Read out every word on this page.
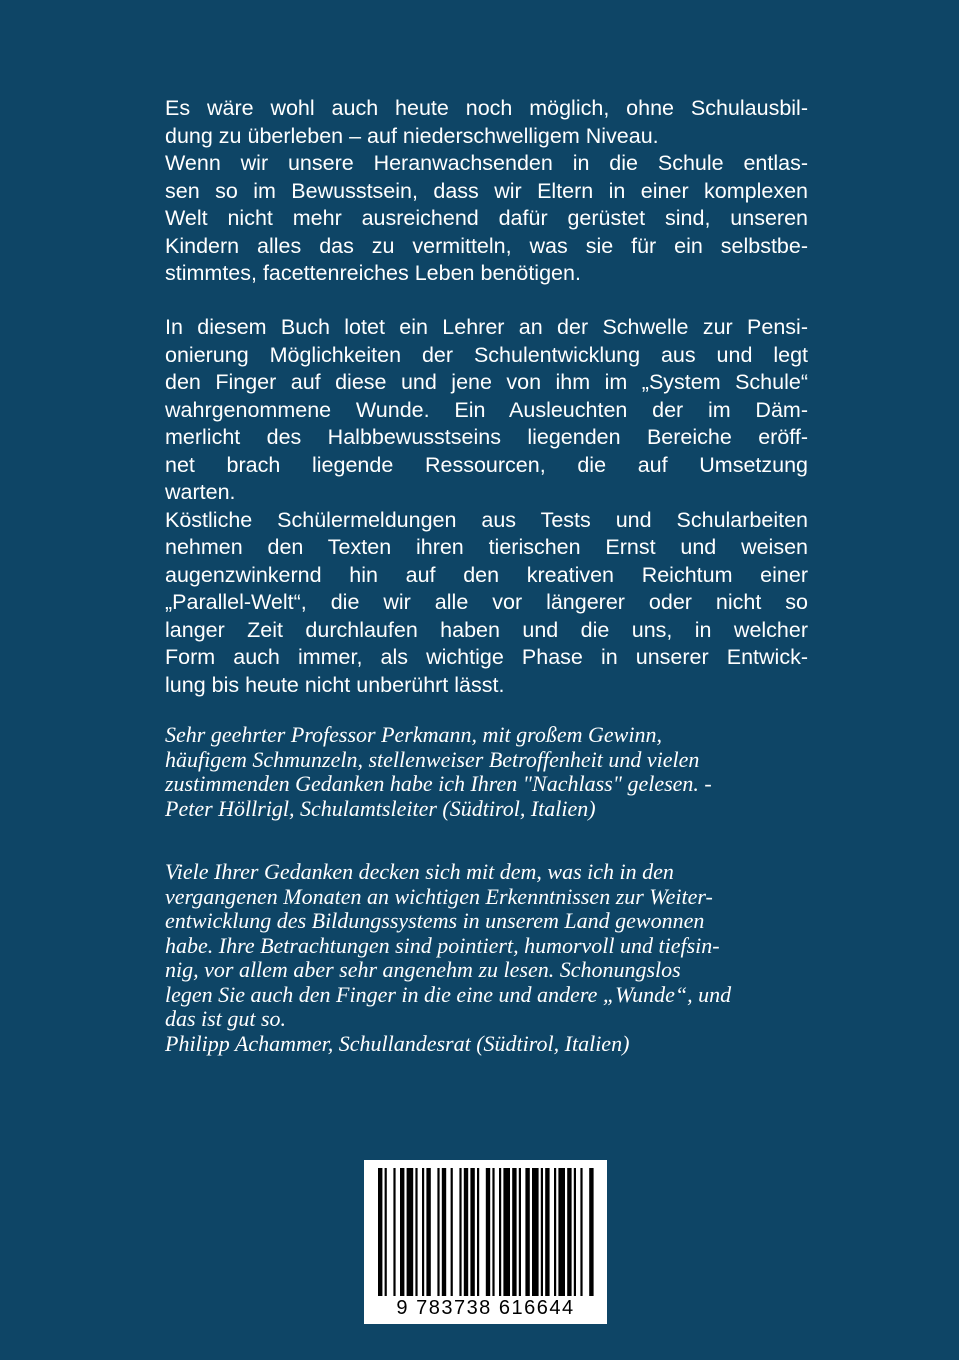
Es wäre wohl auch heute noch möglich, ohne Schulausbil-
dung zu überleben – auf niederschwelligem Niveau.
Wenn wir unsere Heranwachsenden in die Schule entlas-
sen so im Bewusstsein, dass wir Eltern in einer komplexen
Welt nicht mehr ausreichend dafür gerüstet sind, unseren
Kindern alles das zu vermitteln, was sie für ein selbstbe-
stimmtes, facettenreiches Leben benötigen.

In diesem Buch lotet ein Lehrer an der Schwelle zur Pensi-
onierung Möglichkeiten der Schulentwicklung aus und legt
den Finger auf diese und jene von ihm im „System Schule“
wahrgenommene Wunde. Ein Ausleuchten der im Däm-
merlicht des Halbbewusstseins liegenden Bereiche eröff-
net brach liegende Ressourcen, die auf Umsetzung
warten.
Köstliche Schülermeldungen aus Tests und Schularbeiten
nehmen den Texten ihren tierischen Ernst und weisen
augenzwinkernd hin auf den kreativen Reichtum einer
„Parallel-Welt“, die wir alle vor längerer oder nicht so
langer Zeit durchlaufen haben und die uns, in welcher
Form auch immer, als wichtige Phase in unserer Entwick-
lung bis heute nicht unberührt lässt.

Sehr geehrter Professor Perkmann, mit großem Gewinn,
häufigem Schmunzeln, stellenweiser Betroffenheit und vielen
zustimmenden Gedanken habe ich Ihren "Nachlass" gelesen. -
Peter Höllrigl, Schulamtsleiter (Südtirol, Italien)

Viele Ihrer Gedanken decken sich mit dem, was ich in den
vergangenen Monaten an wichtigen Erkenntnissen zur Weiter-
entwicklung des Bildungssystems in unserem Land gewonnen
habe. Ihre Betrachtungen sind pointiert, humorvoll und tiefsin-
nig, vor allem aber sehr angenehm zu lesen. Schonungslos
legen Sie auch den Finger in die eine und andere „Wunde“, und
das ist gut so.
Philipp Achammer, Schullandesrat (Südtirol, Italien)

9 783738 616644
